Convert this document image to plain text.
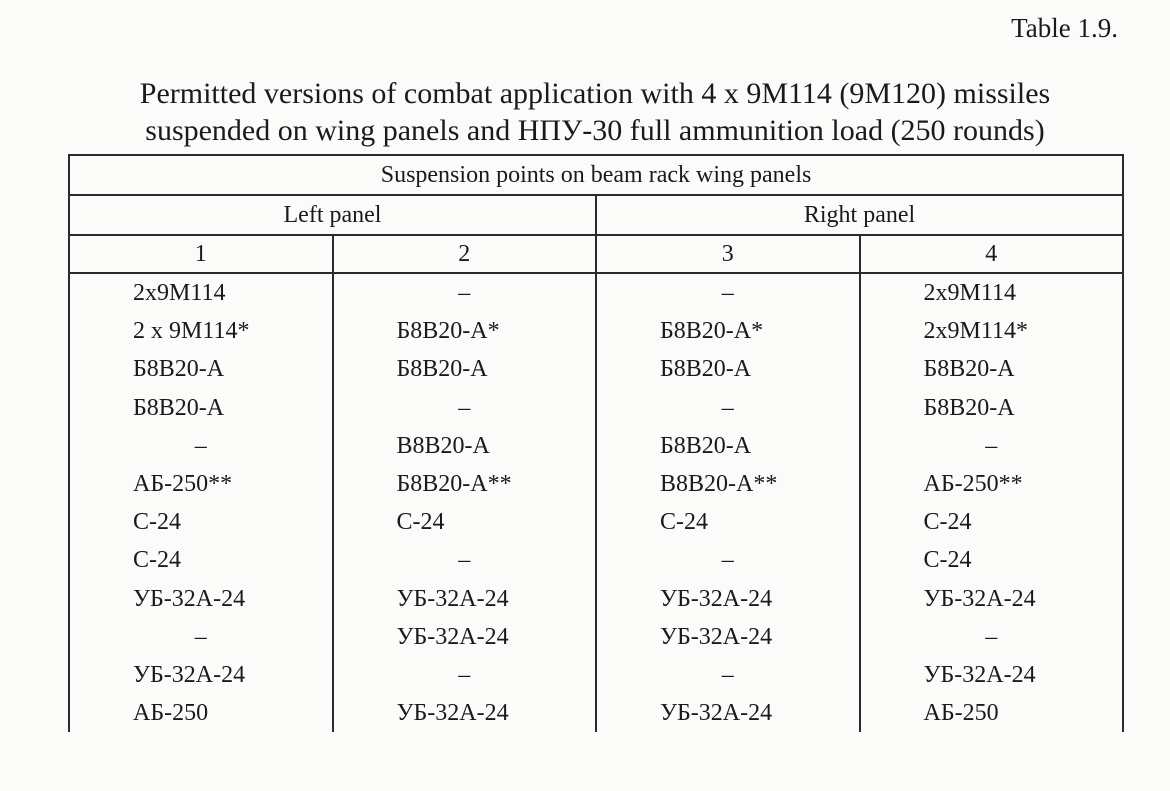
Table 1.9.
Permitted versions of combat application with 4 x 9M114 (9M120) missiles
suspended on wing panels and НПУ-30 full ammunition load (250 rounds)
Suspension points on beam rack wing panels			
Left panel		Right panel	
1	2	3	4
2x9M114	–	–	2x9M114
2 x 9M114*	Б8В20-А*	Б8В20-А*	2x9M114*
Б8В20-А	Б8В20-А	Б8В20-А	Б8В20-А
Б8В20-А	–	–	Б8В20-А
–	В8В20-А	Б8В20-А	–
АБ-250**	Б8В20-А**	В8В20-А**	АБ-250**
С-24	С-24	С-24	С-24
С-24	–	–	С-24
УБ-32А-24	УБ-32А-24	УБ-32А-24	УБ-32А-24
–	УБ-32А-24	УБ-32А-24	–
УБ-32А-24	–	–	УБ-32А-24
АБ-250	УБ-32А-24	УБ-32А-24	АБ-250
